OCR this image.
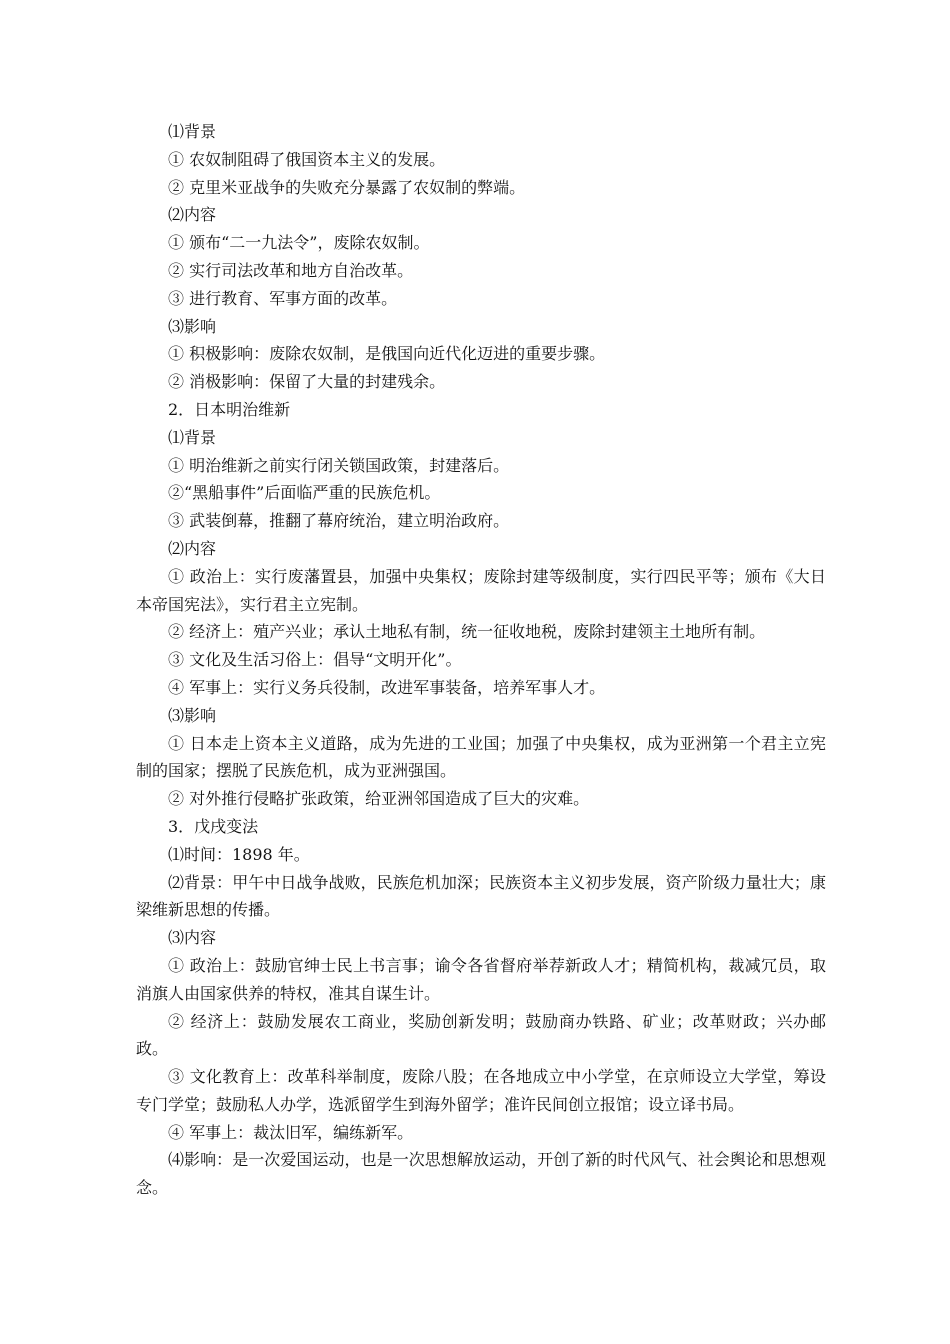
⑴背景
① 农奴制阻碍了俄国资本主义的发展。
② 克里米亚战争的失败充分暴露了农奴制的弊端。
⑵内容
① 颁布“二一九法令”，废除农奴制。
② 实行司法改革和地方自治改革。
③ 进行教育、军事方面的改革。
⑶影响
① 积极影响：废除农奴制，是俄国向近代化迈进的重要步骤。
② 消极影响：保留了大量的封建残余。
2．日本明治维新
⑴背景
① 明治维新之前实行闭关锁国政策，封建落后。
②“黑船事件”后面临严重的民族危机。
③ 武装倒幕，推翻了幕府统治，建立明治政府。
⑵内容
① 政治上：实行废藩置县，加强中央集权；废除封建等级制度，实行四民平等；颁布《大日本帝国宪法》，实行君主立宪制。
② 经济上：殖产兴业；承认土地私有制，统一征收地税，废除封建领主土地所有制。
③ 文化及生活习俗上：倡导“文明开化”。
④ 军事上：实行义务兵役制，改进军事装备，培养军事人才。
⑶影响
① 日本走上资本主义道路，成为先进的工业国；加强了中央集权，成为亚洲第一个君主立宪制的国家；摆脱了民族危机，成为亚洲强国。
② 对外推行侵略扩张政策，给亚洲邻国造成了巨大的灾难。
3．戊戌变法
⑴时间：1898 年。
⑵背景：甲午中日战争战败，民族危机加深；民族资本主义初步发展，资产阶级力量壮大；康梁维新思想的传播。
⑶内容
① 政治上：鼓励官绅士民上书言事；谕令各省督府举荐新政人才；精简机构，裁减冗员，取消旗人由国家供养的特权，准其自谋生计。
② 经济上：鼓励发展农工商业，奖励创新发明；鼓励商办铁路、矿业；改革财政；兴办邮政。
③ 文化教育上：改革科举制度，废除八股；在各地成立中小学堂，在京师设立大学堂，筹设专门学堂；鼓励私人办学，选派留学生到海外留学；准许民间创立报馆；设立译书局。
④ 军事上：裁汰旧军，编练新军。
⑷影响：是一次爱国运动，也是一次思想解放运动，开创了新的时代风气、社会舆论和思想观念。
